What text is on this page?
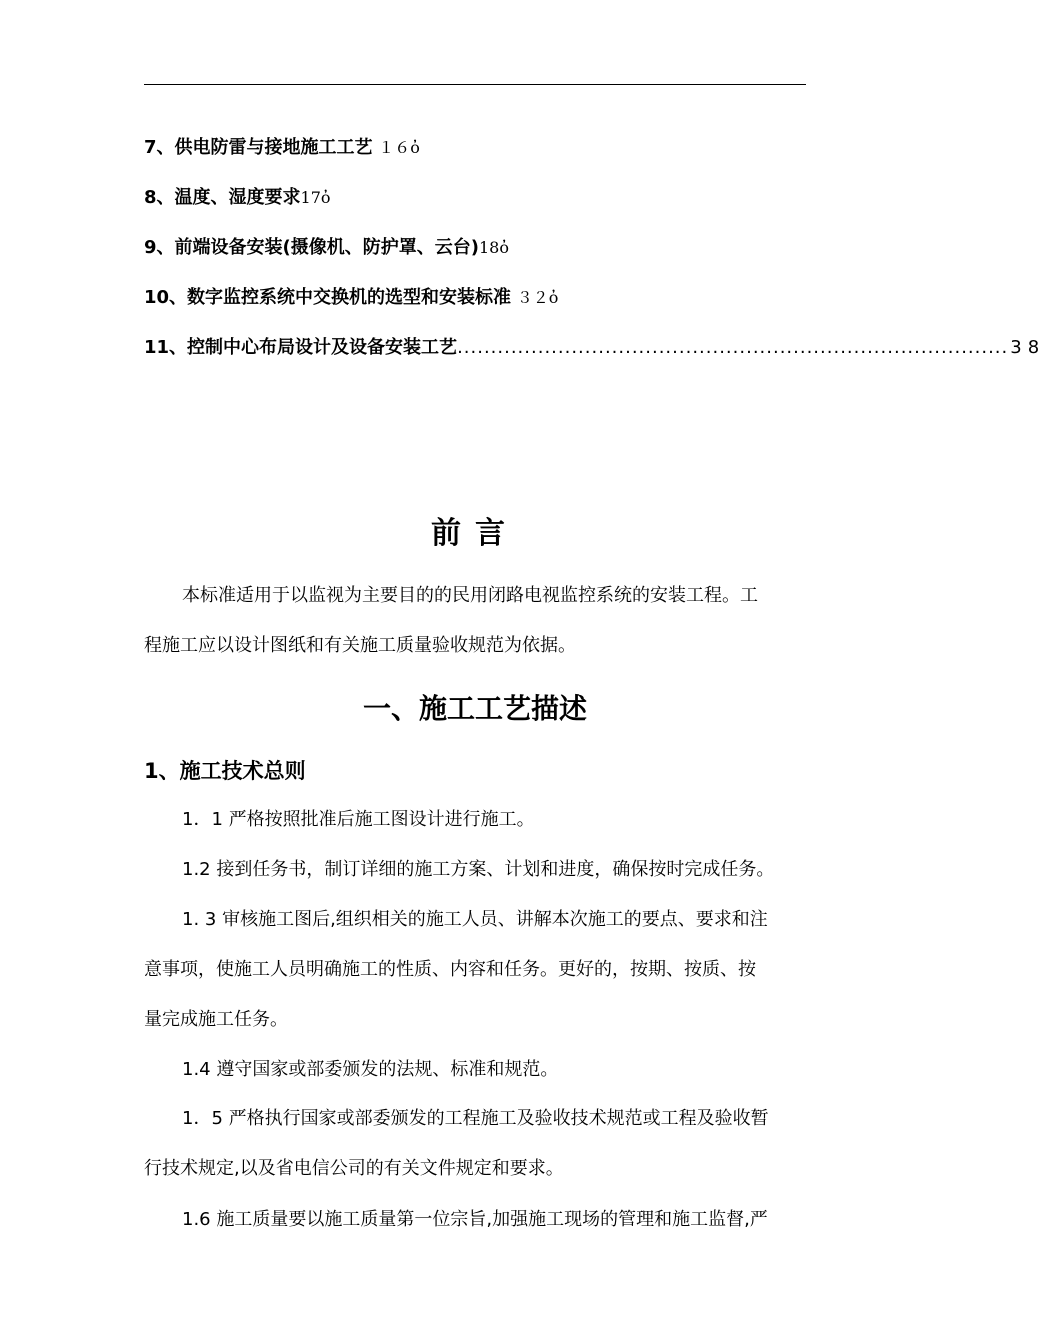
7、供电防雷与接地施工工艺 １６ὀ
8、温度、湿度要求17ὀ
9、前端设备安装(摄像机、防护罩、云台)18ὀ
10、数字监控系统中交换机的选型和安装标准 ３２ὀ
11、控制中心布局设计及设备安装工艺 .................................................................................. 38
前言
本标准适用于以监视为主要目的的民用闭路电视监控系统的安装工程。工
程施工应以设计图纸和有关施工质量验收规范为依据。
一、施工工艺描述
1、施工技术总则
1．1 严格按照批准后施工图设计进行施工。
1.2 接到任务书，制订详细的施工方案、计划和进度，确保按时完成任务。
1. 3 审核施工图后,组织相关的施工人员、讲解本次施工的要点、要求和注
意事项，使施工人员明确施工的性质、内容和任务。更好的，按期、按质、按
量完成施工任务。
1.4 遵守国家或部委颁发的法规、标准和规范。
1．5 严格执行国家或部委颁发的工程施工及验收技术规范或工程及验收暂
行技术规定,以及省电信公司的有关文件规定和要求。
1.6 施工质量要以施工质量第一位宗旨,加强施工现场的管理和施工监督,严
